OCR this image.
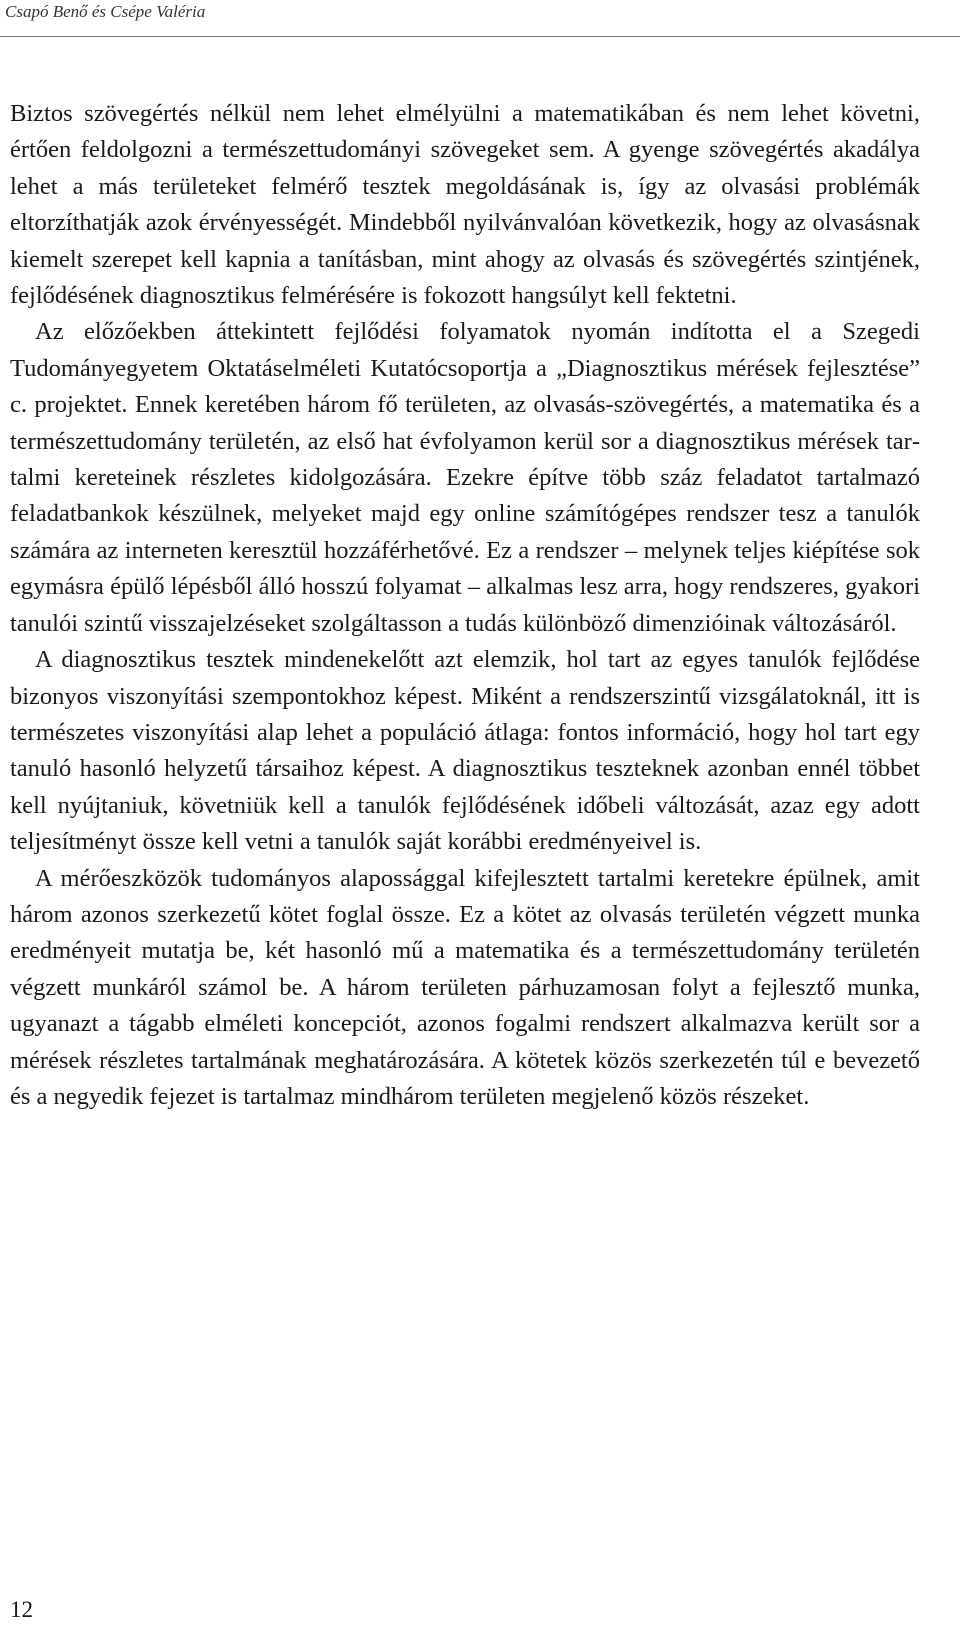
Csapó Benő és Csépe Valéria

Biztos szövegértés nélkül nem lehet elmélyülni a matematikában és nem lehet követni, értően feldolgozni a természettudományi szövegeket sem. A gyenge szövegértés akadálya lehet a más területeket felmérő tesztek megoldásának is, így az olvasási problémák eltorzíthatják azok érvényességét. Mindebből nyilvánvalóan következik, hogy az olvasásnak kiemelt szerepet kell kapnia a tanításban, mint ahogy az olvasás és szövegértés szintjének, fejlődésének diagnosztikus felmérésére is fokozott hangsúlyt kell fektetni.

Az előzőekben áttekintett fejlődési folyamatok nyomán indította el a Szegedi Tudományegyetem Oktatáselméleti Kutatócsoportja a „Diagnosztikus mérések fejlesztése” c. projektet. Ennek keretében három fő területen, az olvasás-szövegértés, a matematika és a természettudomány területén, az első hat évfolyamon kerül sor a diagnosztikus mérések tartalmi kereteinek részletes kidolgozására. Ezekre építve több száz feladatot tartalmazó feladatbankok készülnek, melyeket majd egy online számítógépes rendszer tesz a tanulók számára az interneten keresztül hozzáférhetővé. Ez a rendszer – melynek teljes kiépítése sok egymásra épülő lépésből álló hosszú folyamat – alkalmas lesz arra, hogy rendszeres, gyakori tanulói szintű visszajelzéseket szolgáltasson a tudás különböző dimenzióinak változásáról.

A diagnosztikus tesztek mindenekelőtt azt elemzik, hol tart az egyes tanulók fejlődése bizonyos viszonyítási szempontokhoz képest. Miként a rendszerszintű vizsgálatoknál, itt is természetes viszonyítási alap lehet a populáció átlaga: fontos információ, hogy hol tart egy tanuló hasonló helyzetű társaihoz képest. A diagnosztikus teszteknek azonban ennél többet kell nyújtaniuk, követniük kell a tanulók fejlődésének időbeli változását, azaz egy adott teljesítményt össze kell vetni a tanulók saját korábbi eredményeivel is.

A mérőeszközök tudományos alapossággal kifejlesztett tartalmi keretekre épülnek, amit három azonos szerkezetű kötet foglal össze. Ez a kötet az olvasás területén végzett munka eredményeit mutatja be, két hasonló mű a matematika és a természettudomány területén végzett munkáról számol be. A három területen párhuzamosan folyt a fejlesztő munka, ugyanazt a tágabb elméleti koncepciót, azonos fogalmi rendszert alkalmazva került sor a mérések részletes tartalmának meghatározására. A kötetek közös szerkezetén túl e bevezető és a negyedik fejezet is tartalmaz mindhárom területen megjelenő közös részeket.

12
